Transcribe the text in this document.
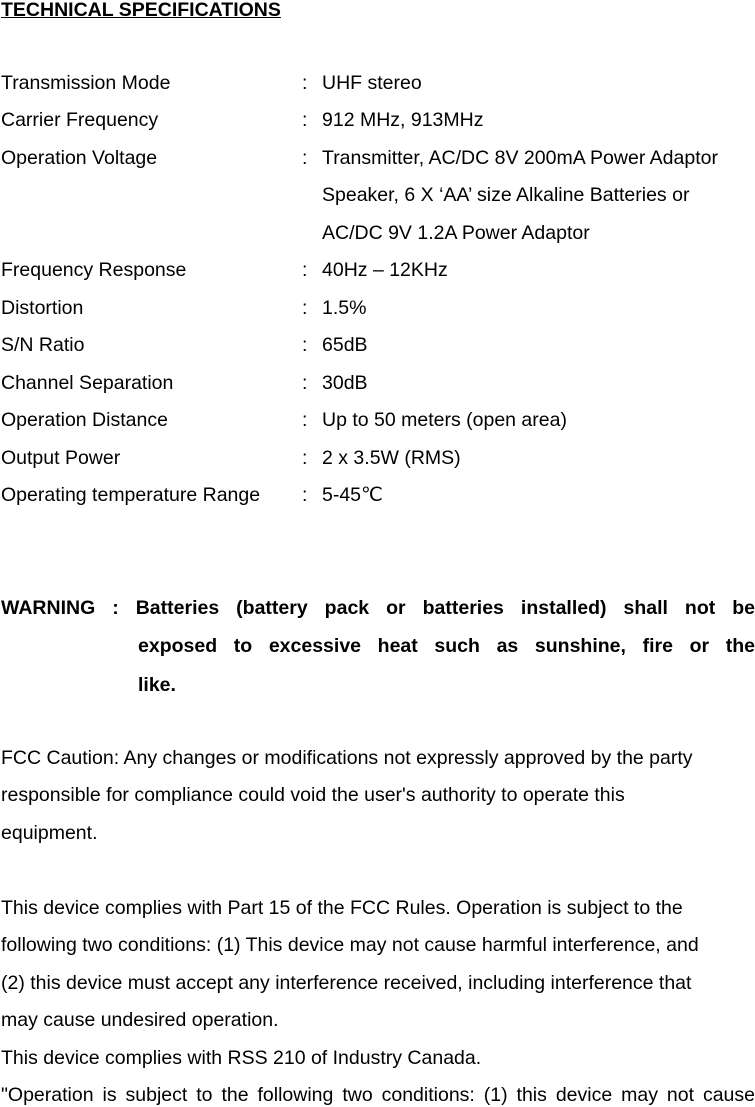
TECHNICAL SPECIFICATIONS
Transmission Mode	: UHF stereo
Carrier Frequency	: 912 MHz, 913MHz
Operation Voltage	: Transmitter, AC/DC 8V 200mA Power Adaptor
Speaker, 6 X ‘AA’ size Alkaline Batteries or
AC/DC 9V 1.2A Power Adaptor
Frequency Response	: 40Hz – 12KHz
Distortion	: 1.5%
S/N Ratio	: 65dB
Channel Separation	: 30dB
Operation Distance	: Up to 50 meters (open area)
Output Power	: 2 x 3.5W (RMS)
Operating temperature Range : 5-45℃
WARNING : Batteries (battery pack or batteries installed) shall not be
exposed to excessive heat such as sunshine, fire or the
like.
FCC Caution: Any changes or modifications not expressly approved by the party
responsible for compliance could void the user's authority to operate this
equipment.
This device complies with Part 15 of the FCC Rules. Operation is subject to the
following two conditions: (1) This device may not cause harmful interference, and
(2) this device must accept any interference received, including interference that
may cause undesired operation.
This device complies with RSS 210 of Industry Canada.
"Operation is subject to the following two conditions: (1) this device may not cause
